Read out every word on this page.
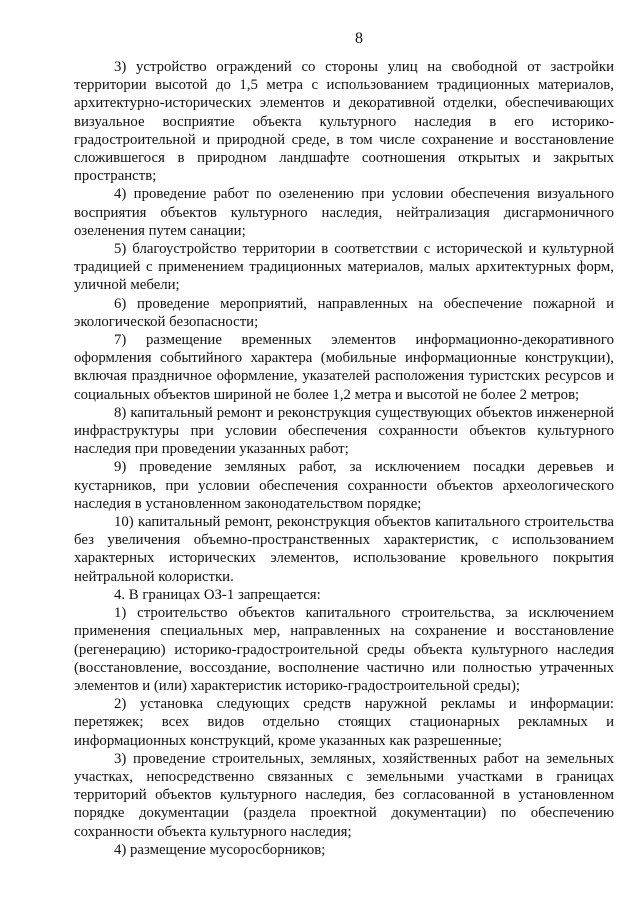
8

3) устройство ограждений со стороны улиц на свободной от застройки территории высотой до 1,5 метра с использованием традиционных материалов, архитектурно-исторических элементов и декоративной отделки, обеспечивающих визуальное восприятие объекта культурного наследия в его историко-градостроительной и природной среде, в том числе сохранение и восстановление сложившегося в природном ландшафте соотношения открытых и закрытых пространств;

4) проведение работ по озеленению при условии обеспечения визуального восприятия объектов культурного наследия, нейтрализация дисгармоничного озеленения путем санации;

5) благоустройство территории в соответствии с исторической и культурной традицией с применением традиционных материалов, малых архитектурных форм, уличной мебели;

6) проведение мероприятий, направленных на обеспечение пожарной и экологической безопасности;

7) размещение временных элементов информационно-декоративного оформления событийного характера (мобильные информационные конструкции), включая праздничное оформление, указателей расположения туристских ресурсов и социальных объектов шириной не более 1,2 метра и высотой не более 2 метров;

8) капитальный ремонт и реконструкция существующих объектов инженерной инфраструктуры при условии обеспечения сохранности объектов культурного наследия при проведении указанных работ;

9) проведение земляных работ, за исключением посадки деревьев и кустарников, при условии обеспечения сохранности объектов археологического наследия в установленном законодательством порядке;

10) капитальный ремонт, реконструкция объектов капитального строительства без увеличения объемно-пространственных характеристик, с использованием характерных исторических элементов, использование кровельного покрытия нейтральной колористки.

4. В границах ОЗ-1 запрещается:

1) строительство объектов капитального строительства, за исключением применения специальных мер, направленных на сохранение и восстановление (регенерацию) историко-градостроительной среды объекта культурного наследия (восстановление, воссоздание, восполнение частично или полностью утраченных элементов и (или) характеристик историко-градостроительной среды);

2) установка следующих средств наружной рекламы и информации: перетяжек; всех видов отдельно стоящих стационарных рекламных и информационных конструкций, кроме указанных как разрешенные;

3) проведение строительных, земляных, хозяйственных работ на земельных участках, непосредственно связанных с земельными участками в границах территорий объектов культурного наследия, без согласованной в установленном порядке документации (раздела проектной документации) по обеспечению сохранности объекта культурного наследия;

4) размещение мусоросборников;
